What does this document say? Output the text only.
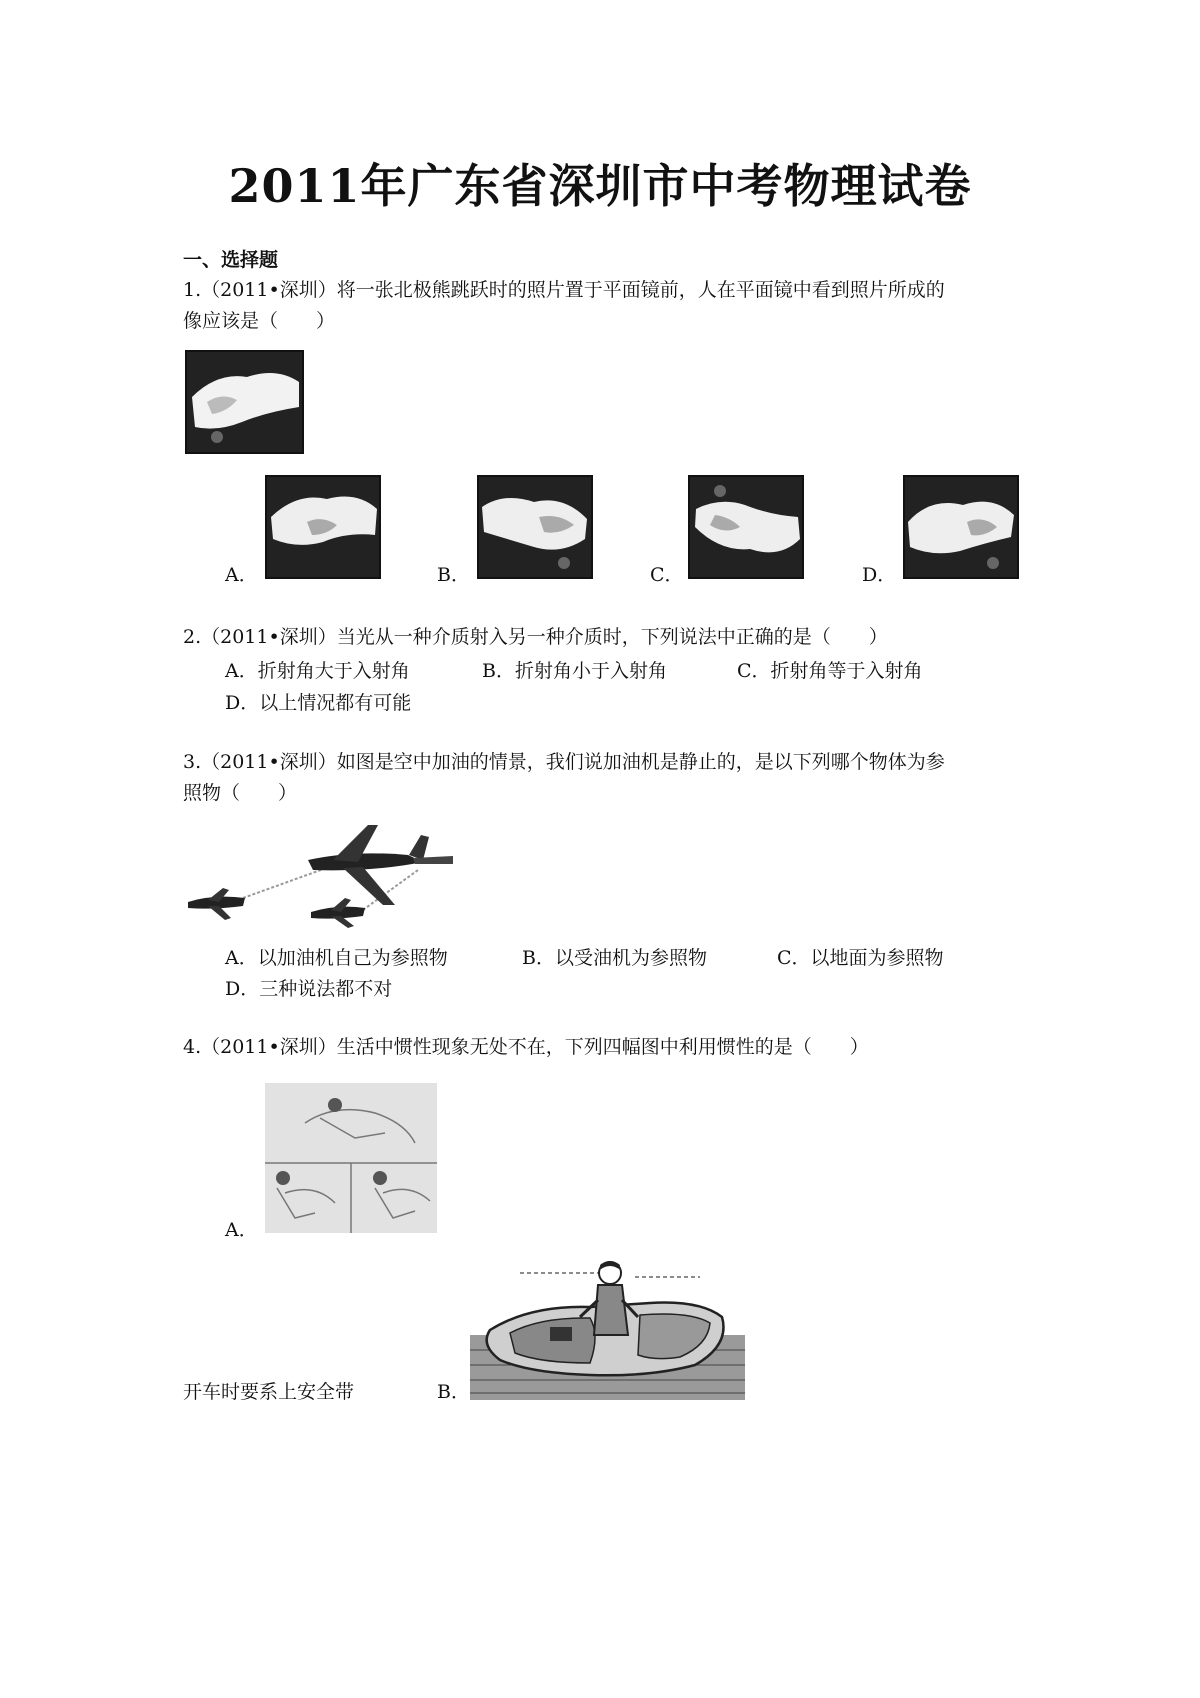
2011年广东省深圳市中考物理试卷
一、选择题
1.（2011•深圳）将一张北极熊跳跃时的照片置于平面镜前，人在平面镜中看到照片所成的
像应该是（　　）
A．	B．	C．	D．
2.（2011•深圳）当光从一种介质射入另一种介质时，下列说法中正确的是（　　）
A．折射角大于入射角	B．折射角小于入射角	C．折射角等于入射角
D．以上情况都有可能
3.（2011•深圳）如图是空中加油的情景，我们说加油机是静止的，是以下列哪个物体为参
照物（　　）
A．以加油机自己为参照物	B．以受油机为参照物	C．以地面为参照物
D．三种说法都不对
4.（2011•深圳）生活中惯性现象无处不在，下列四幅图中利用惯性的是（　　）
A．
开车时要系上安全带	B．
